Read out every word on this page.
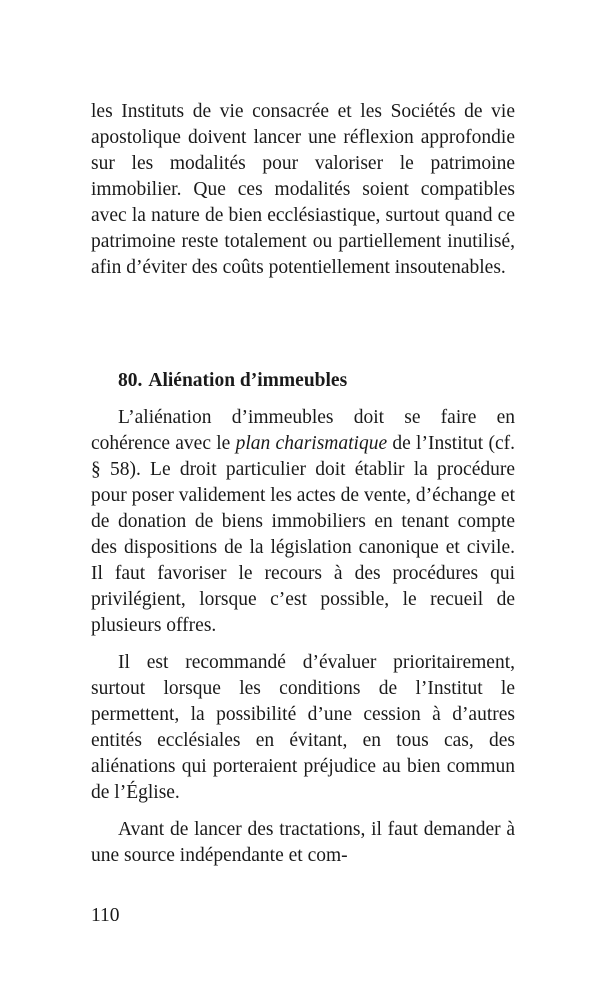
les Instituts de vie consacrée et les Sociétés de vie apostolique doivent lancer une réflexion approfondie sur les modalités pour valoriser le patrimoine immobilier. Que ces modalités soient compatibles avec la nature de bien ecclésiastique, surtout quand ce patrimoine reste totalement ou partiellement inutilisé, afin d’éviter des coûts potentiellement insoutenables.

80. Aliénation d’immeubles

L’aliénation d’immeubles doit se faire en cohérence avec le plan charismatique de l’Institut (cf. § 58). Le droit particulier doit établir la procédure pour poser validement les actes de vente, d’échange et de donation de biens immobiliers en tenant compte des dispositions de la législation canonique et civile. Il faut favoriser le recours à des procédures qui privilégient, lorsque c’est possible, le recueil de plusieurs offres.

Il est recommandé d’évaluer prioritairement, surtout lorsque les conditions de l’Institut le permettent, la possibilité d’une cession à d’autres entités ecclésiales en évitant, en tous cas, des aliénations qui porteraient préjudice au bien commun de l’Église.

Avant de lancer des tractations, il faut demander à une source indépendante et com-

110
